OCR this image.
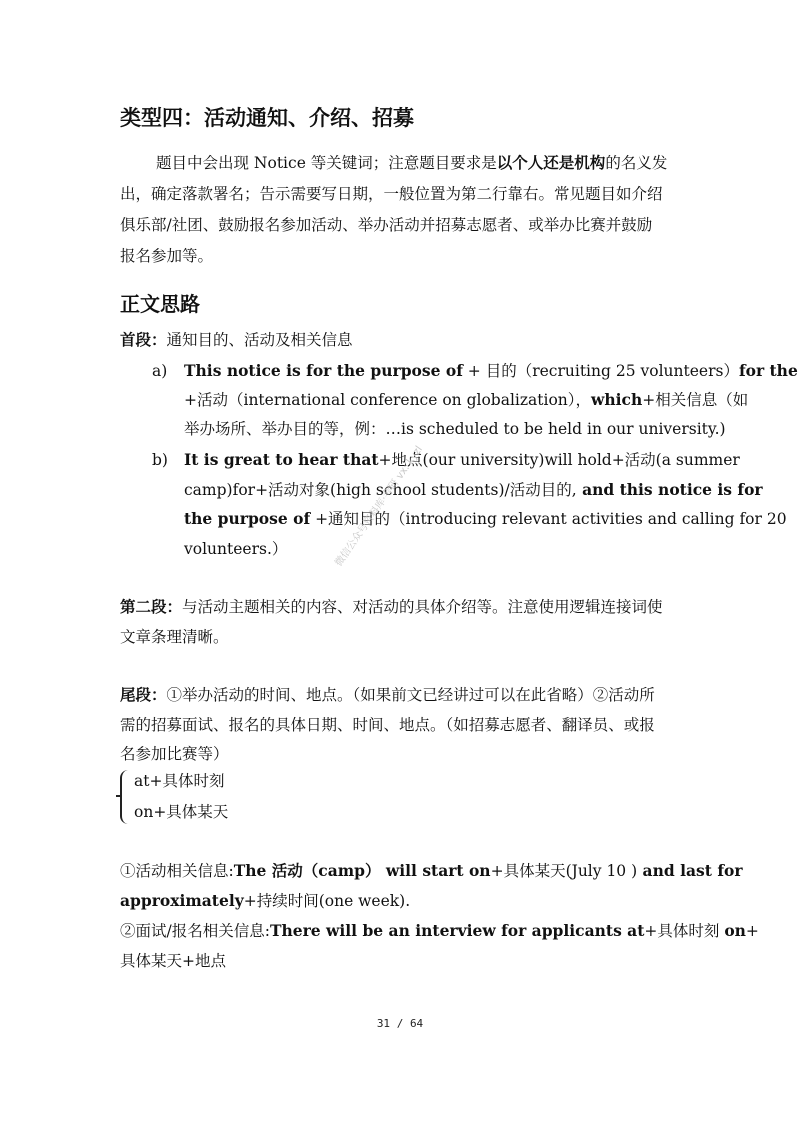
类型四：活动通知、介绍、招募

题目中会出现 Notice 等关键词；注意题目要求是以个人还是机构的名义发

出，确定落款署名；告示需要写日期，一般位置为第二行靠右。常见题目如介绍

俱乐部/社团、鼓励报名参加活动、举办活动并招募志愿者、或举办比赛并鼓励

报名参加等。

正文思路

首段：通知目的、活动及相关信息

a) This notice is for the purpose of + 目的（recruiting 25 volunteers）for the

+活动（international conference on globalization），which+相关信息（如

举办场所、举办目的等，例：…is scheduled to be held in our university.)

b) It is great to hear that+地点(our university)will hold+活动(a summer

camp)for+活动对象(high school students)/活动目的, and this notice is for

the purpose of +通知目的（introducing relevant activities and calling for 20

volunteers.）	微信公众号资料库·考研 vx: kyzl

第二段：与活动主题相关的内容、对活动的具体介绍等。注意使用逻辑连接词使

文章条理清晰。

尾段：①举办活动的时间、地点。（如果前文已经讲过可以在此省略）②活动所

需的招募面试、报名的具体日期、时间、地点。（如招募志愿者、翻译员、或报

名参加比赛等）

at+具体时刻

on+具体某天

①活动相关信息:The 活动（camp） will start on+具体某天(July 10 ) and last for

approximately+持续时间(one week).

②面试/报名相关信息:There will be an interview for applicants at+具体时刻 on+

具体某天+地点

31 / 64
